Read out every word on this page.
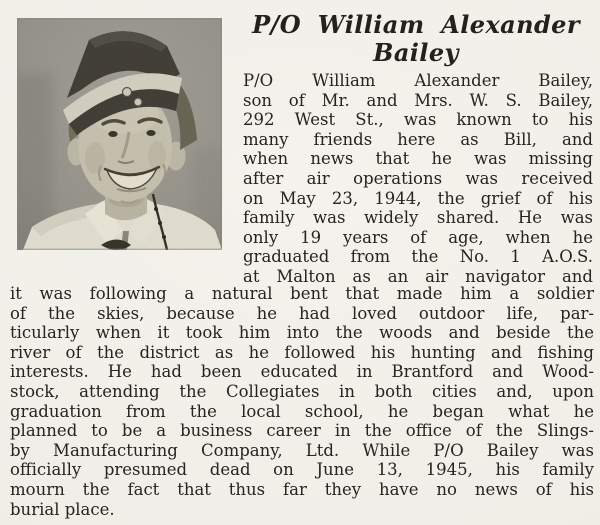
P/O William Alexander
Bailey
P/O William Alexander Bailey,
son of Mr. and Mrs. W. S. Bailey,
292 West St., was known to his
many friends here as Bill, and
when news that he was missing
after air operations was received
on May 23, 1944, the grief of his
family was widely shared. He was
only 19 years of age, when he
graduated from the No. 1 A.O.S.
at Malton as an air navigator and
it was following a natural bent that made him a soldier
of the skies, because he had loved outdoor life, par-
ticularly when it took him into the woods and beside the
river of the district as he followed his hunting and fishing
interests. He had been educated in Brantford and Wood-
stock, attending the Collegiates in both cities and, upon
graduation from the local school, he began what he
planned to be a business career in the office of the Slings-
by Manufacturing Company, Ltd. While P/O Bailey was
officially presumed dead on June 13, 1945, his family
mourn the fact that thus far they have no news of his
burial place.
